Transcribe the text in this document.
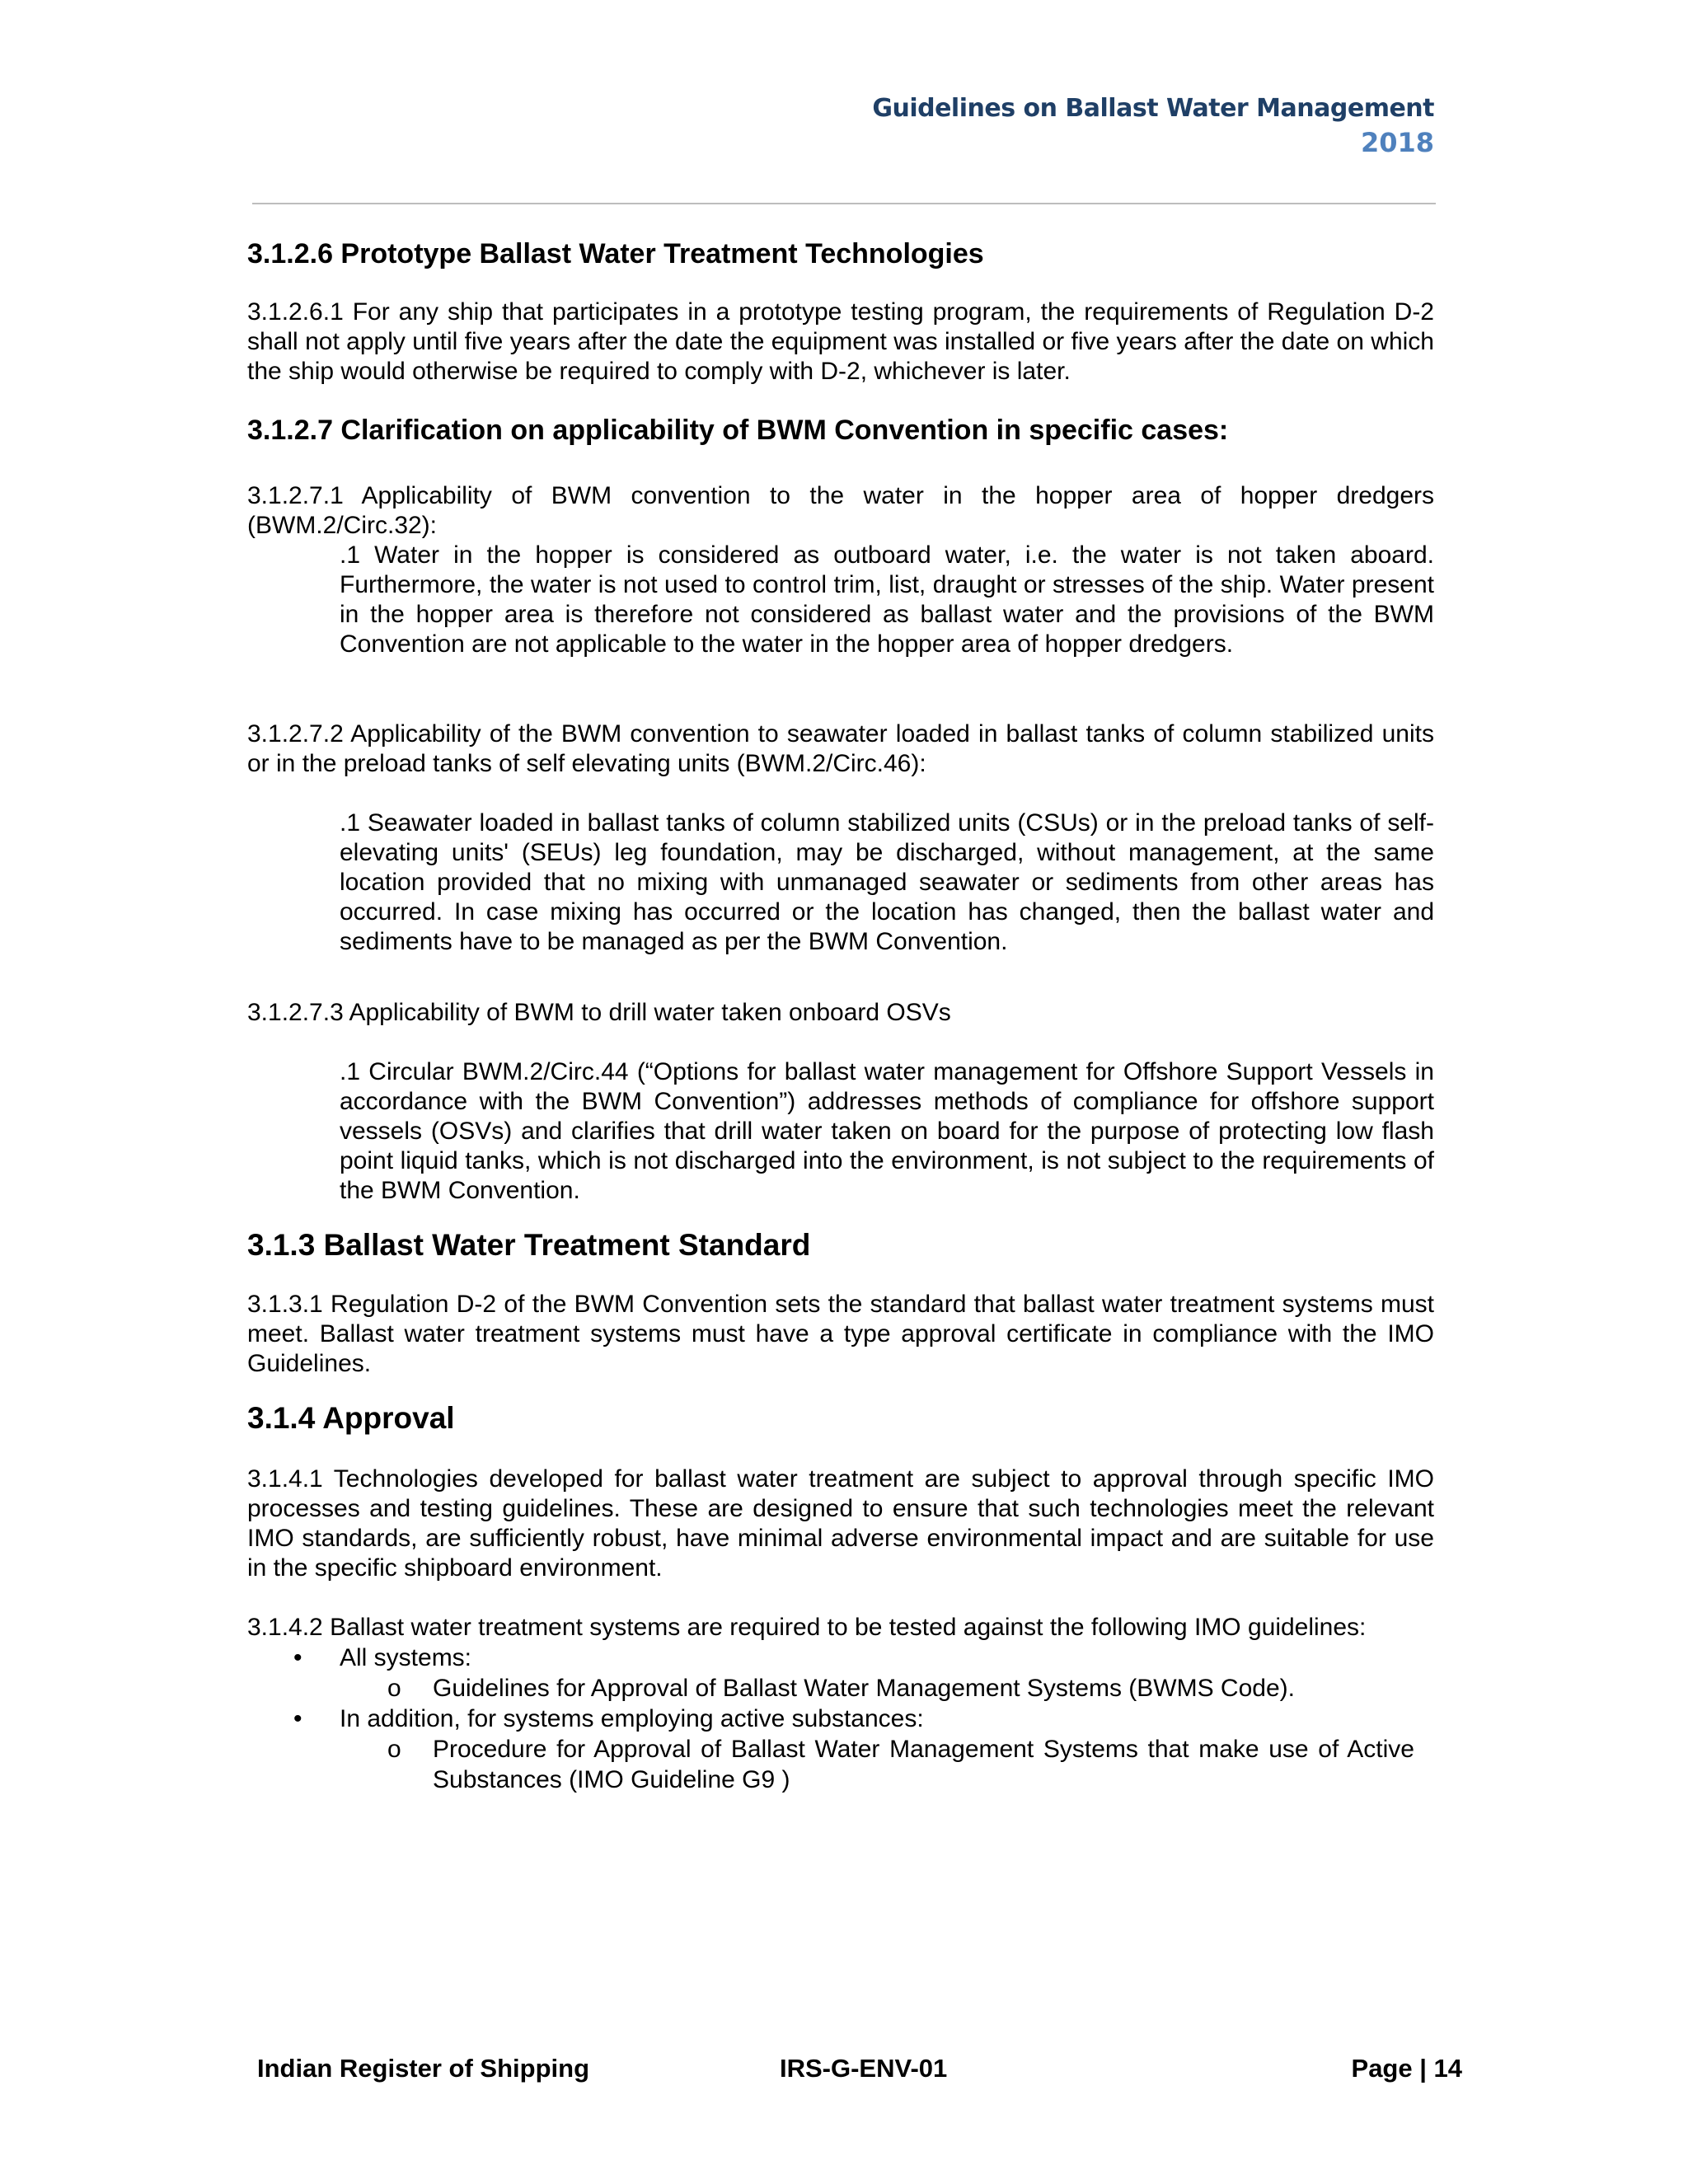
Guidelines on Ballast Water Management
2018
3.1.2.6 Prototype Ballast Water Treatment Technologies

3.1.2.6.1 For any ship that participates in a prototype testing program, the requirements of Regulation D-2 shall not apply until five years after the date the equipment was installed or five years after the date on which the ship would otherwise be required to comply with D-2, whichever is later.

3.1.2.7 Clarification on applicability of BWM Convention in specific cases:

3.1.2.7.1 Applicability of BWM convention to the water in the hopper area of hopper dredgers (BWM.2/Circ.32):

.1 Water in the hopper is considered as outboard water, i.e. the water is not taken aboard. Furthermore, the water is not used to control trim, list, draught or stresses of the ship. Water present in the hopper area is therefore not considered as ballast water and the provisions of the BWM Convention are not applicable to the water in the hopper area of hopper dredgers.

3.1.2.7.2 Applicability of the BWM convention to seawater loaded in ballast tanks of column stabilized units or in the preload tanks of self elevating units (BWM.2/Circ.46):

.1 Seawater loaded in ballast tanks of column stabilized units (CSUs) or in the preload tanks of self-elevating units' (SEUs) leg foundation, may be discharged, without management, at the same location provided that no mixing with unmanaged seawater or sediments from other areas has occurred. In case mixing has occurred or the location has changed, then the ballast water and sediments have to be managed as per the BWM Convention.

3.1.2.7.3 Applicability of BWM to drill water taken onboard OSVs

.1 Circular BWM.2/Circ.44 (“Options for ballast water management for Offshore Support Vessels in accordance with the BWM Convention”) addresses methods of compliance for offshore support vessels (OSVs) and clarifies that drill water taken on board for the purpose of protecting low flash point liquid tanks, which is not discharged into the environment, is not subject to the requirements of the BWM Convention.

3.1.3 Ballast Water Treatment Standard

3.1.3.1 Regulation D-2 of the BWM Convention sets the standard that ballast water treatment systems must meet. Ballast water treatment systems must have a type approval certificate in compliance with the IMO Guidelines.

3.1.4 Approval

3.1.4.1 Technologies developed for ballast water treatment are subject to approval through specific IMO processes and testing guidelines. These are designed to ensure that such technologies meet the relevant IMO standards, are sufficiently robust, have minimal adverse environmental impact and are suitable for use in the specific shipboard environment.

3.1.4.2 Ballast water treatment systems are required to be tested against the following IMO guidelines:

• All systems:
o Guidelines for Approval of Ballast Water Management Systems (BWMS Code).
• In addition, for systems employing active substances:
o Procedure for Approval of Ballast Water Management Systems that make use of Active Substances (IMO Guideline G9 )
Indian Register of Shipping	IRS-G-ENV-01	Page | 14
